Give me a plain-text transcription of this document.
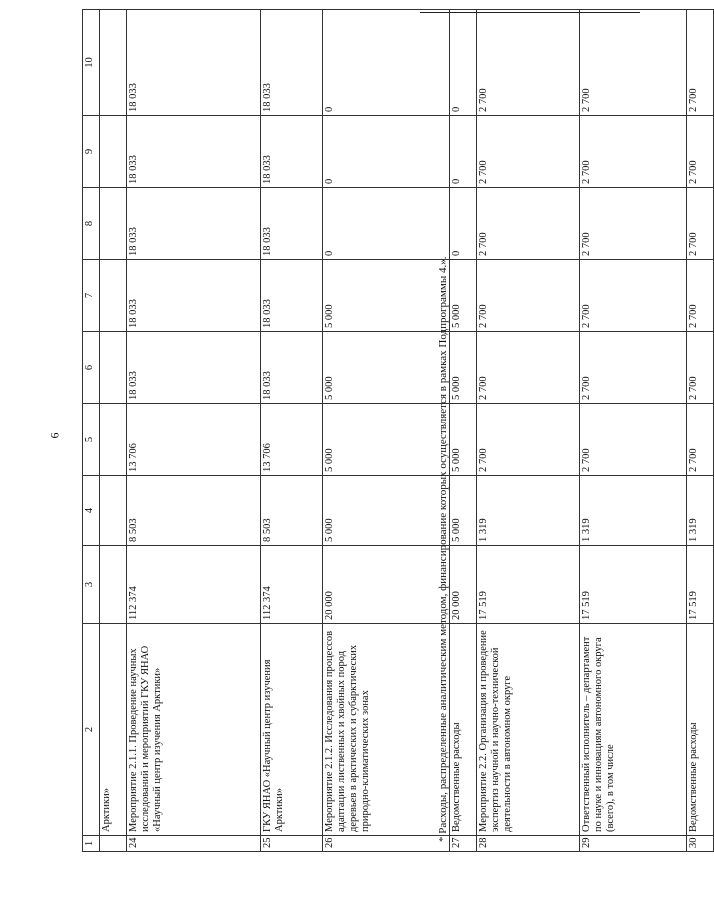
6
1	2	3	4	5	6	7	8	9	10
	Арктики»								
24	Мероприятие 2.1.1. Проведение научных исследований и мероприятий ГКУ ЯНАО «Научный центр изучения Арктики»	112 374	8 503	13 706	18 033	18 033	18 033	18 033	18 033
25	ГКУ ЯНАО «Научный центр изучения Арктики»	112 374	8 503	13 706	18 033	18 033	18 033	18 033	18 033
26	Мероприятие 2.1.2. Исследования процессов адаптации лиственных и хвойных пород деревьев в арктических и субарктических природно-климатических зонах	20 000	5 000	5 000	5 000	5 000	0	0	0
27	Ведомственные расходы	20 000	5 000	5 000	5 000	5 000	0	0	0
28	Мероприятие 2.2. Организация и проведение экспертиз научной и научно-технической деятельности в автономном округе	17 519	1 319	2 700	2 700	2 700	2 700	2 700	2 700
29	Ответственный исполнитель – департамент по науке и инновациям автономного округа (всего), в том числе	17 519	1 319	2 700	2 700	2 700	2 700	2 700	2 700
30	Ведомственные расходы	17 519	1 319	2 700	2 700	2 700	2 700	2 700	2 700
* Расходы, распределенные аналитическим методом, финансирование которых осуществляется в рамках Подпрограммы 4.».
